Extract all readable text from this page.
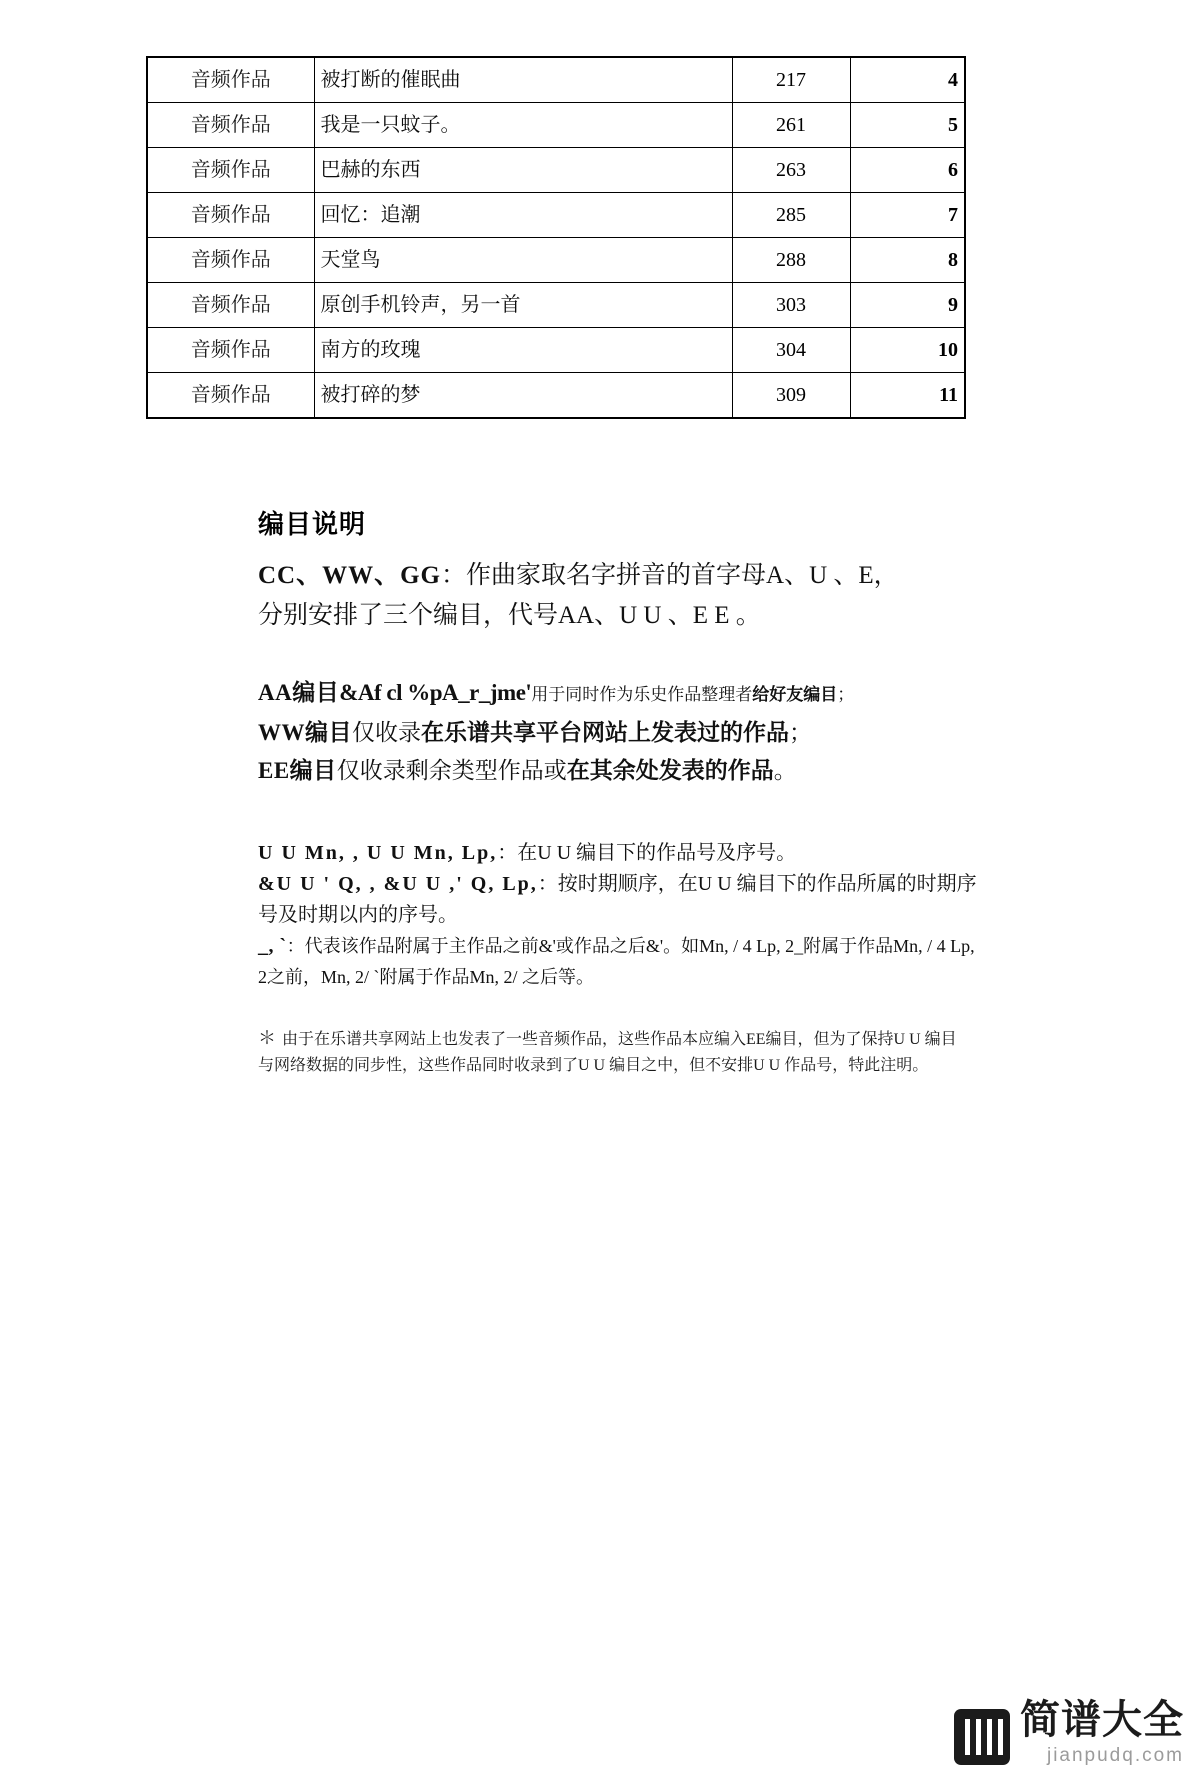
音频作品	被打断的催眠曲	217	4
音频作品	我是一只蚊子。	261	5
音频作品	巴赫的东西	263	6
音频作品	回忆：追潮	285	7
音频作品	天堂鸟	288	8
音频作品	原创手机铃声，另一首	303	9
音频作品	南方的玫瑰	304	10
音频作品	被打碎的梦	309	11
编目说明
CC、WW、GG：作曲家取名字拼音的首字母A、U 、E，
分别安排了三个编目，代号AA、U U 、E E 。
AA编目&Af cl %pA_r_jme'用于同时作为乐史作品整理者给好友编目；
WW编目仅收录在乐谱共享平台网站上发表过的作品；
EE编目仅收录剩余类型作品或在其余处发表的作品。
U U Mn, , U U Mn, Lp,：在U U 编目下的作品号及序号。
&U U ' Q, , &U U ,' Q, Lp,：按时期顺序，在U U 编目下的作品所属的时期序号及时期以内的序号。
_, `：代表该作品附属于主作品之前&'或作品之后&'。如Mn, / 4 Lp, 2_附属于作品Mn, / 4 Lp, 2之前，Mn, 2/ `附属于作品Mn, 2/ 之后等。
＊ 由于在乐谱共享网站上也发表了一些音频作品，这些作品本应编入EE编目，但为了保持U U 编目与网络数据的同步性，这些作品同时收录到了U U 编目之中，但不安排U U 作品号，特此注明。
简谱大全
jianpudq.com
